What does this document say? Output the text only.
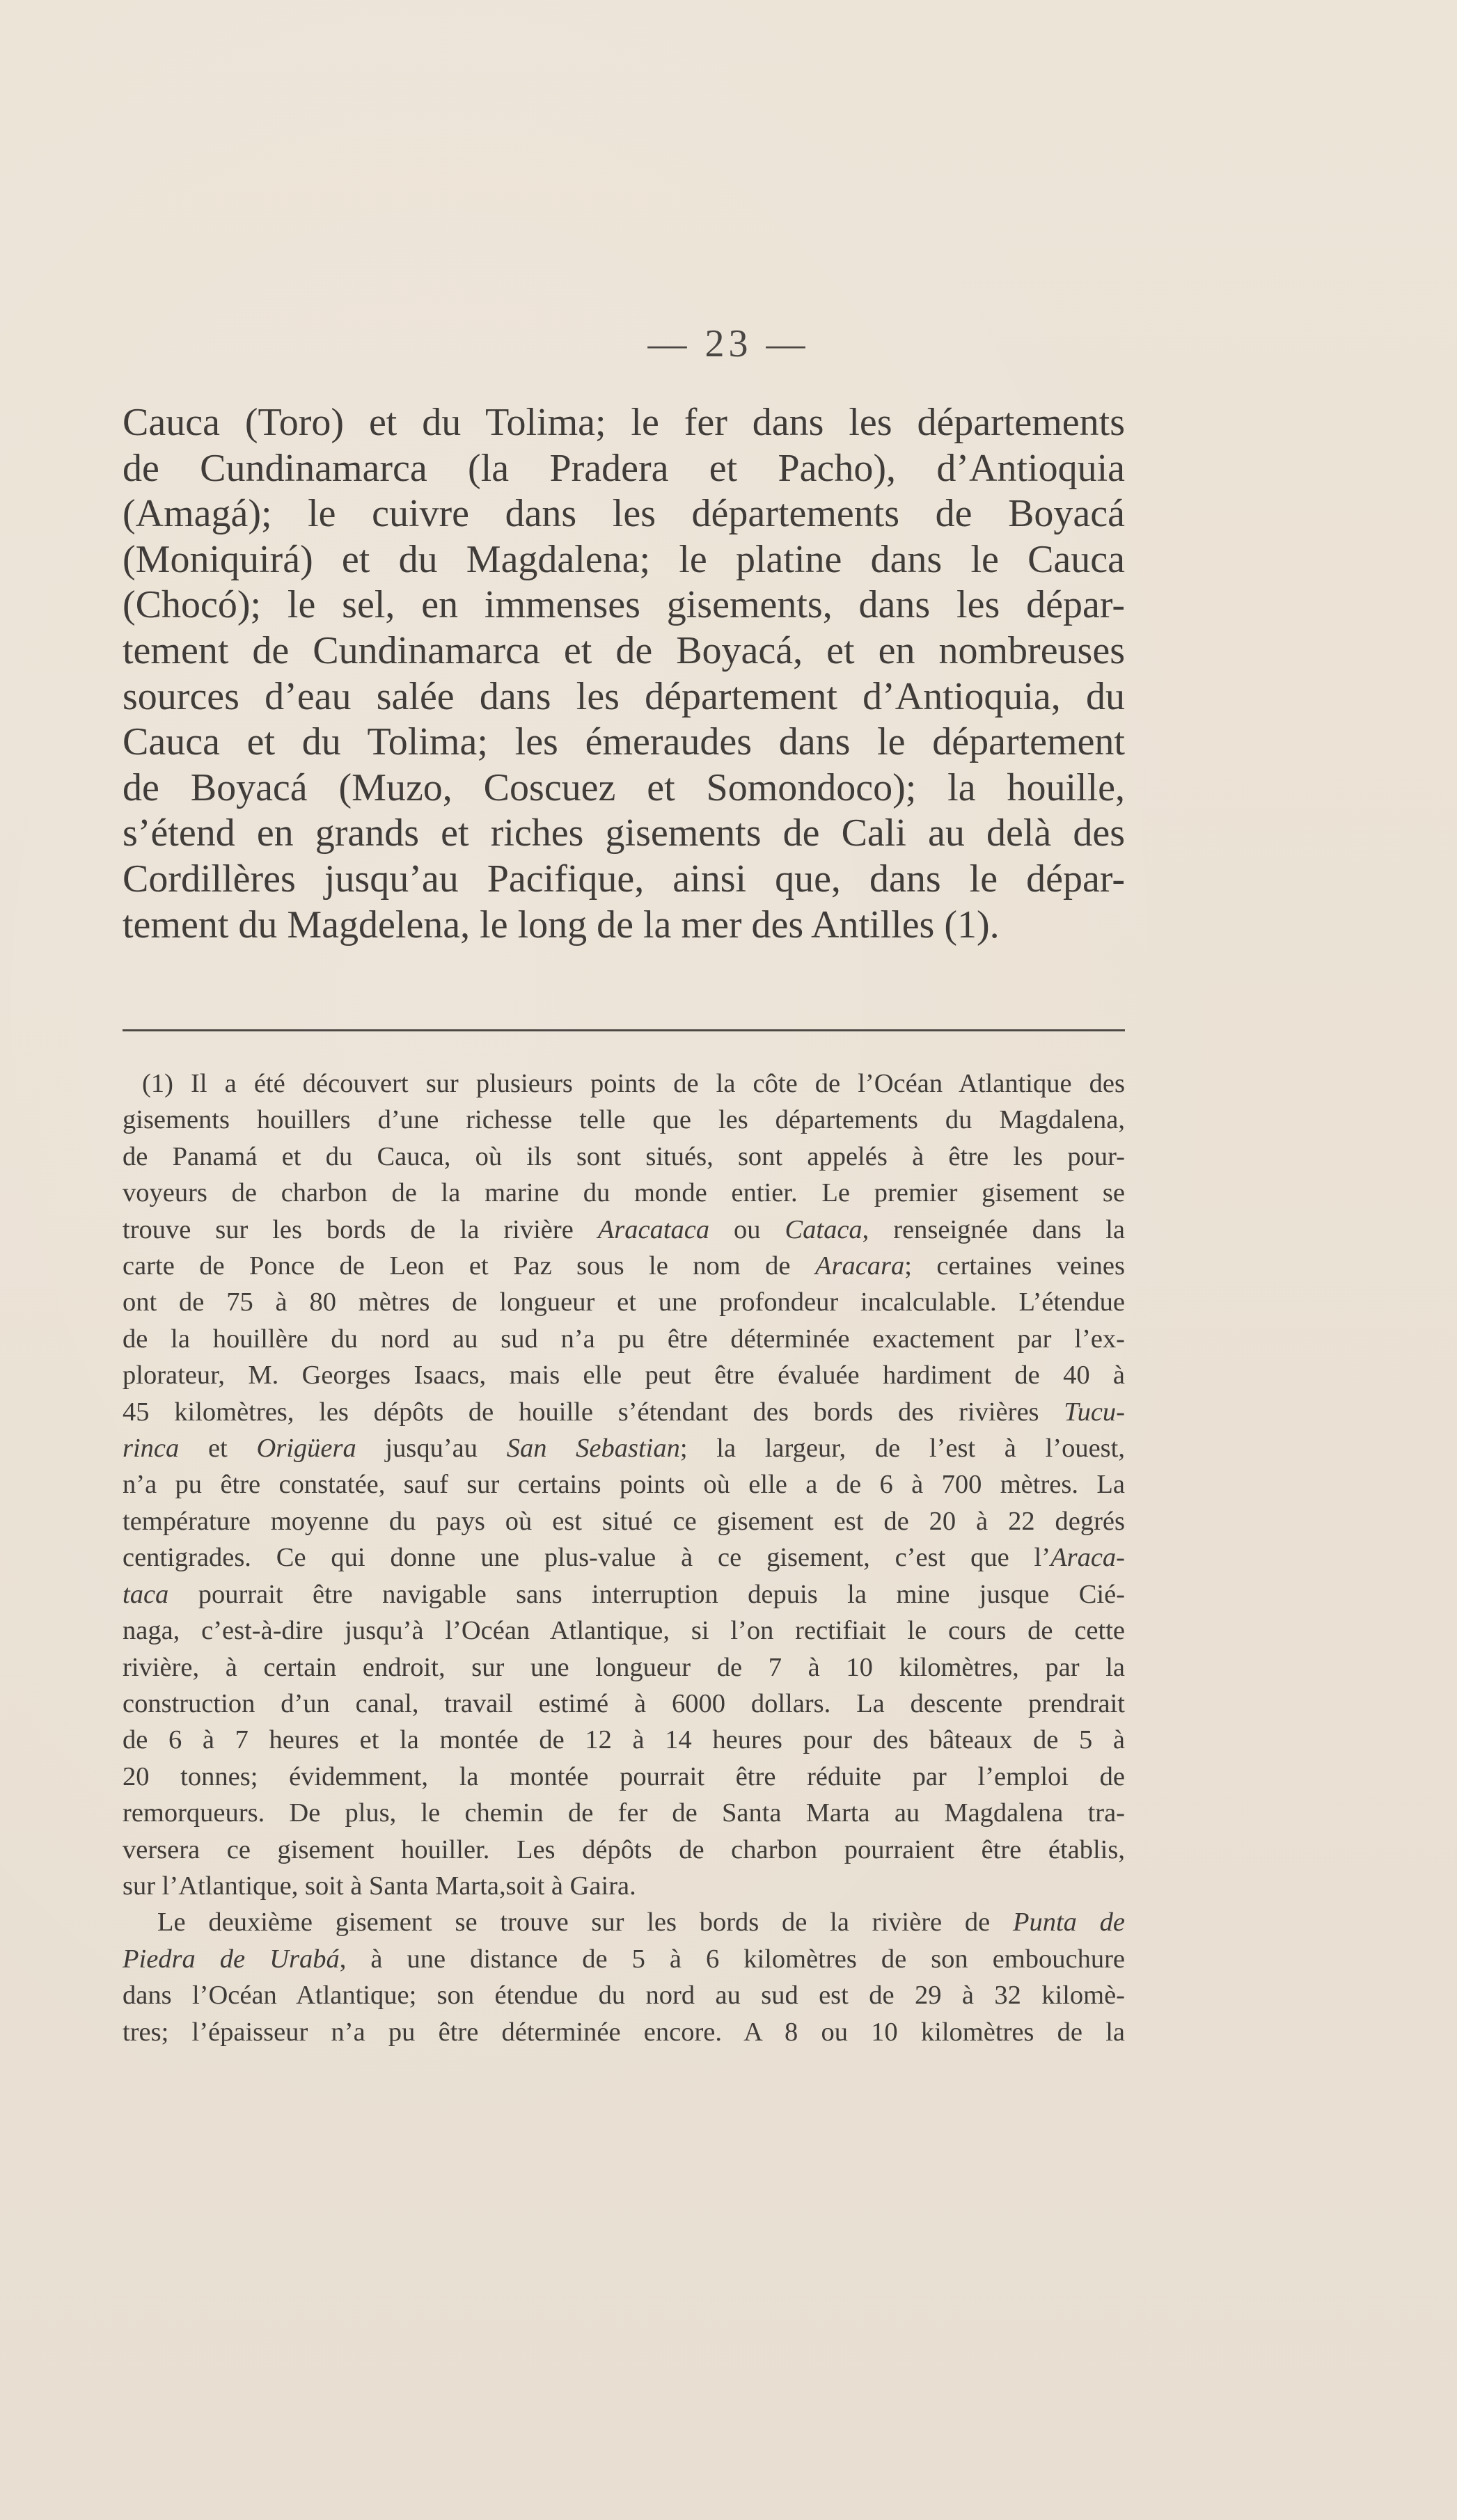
— 23 —
Cauca (Toro) et du Tolima; le fer dans les départements
de Cundinamarca (la Pradera et Pacho), d’Antioquia
(Amagá); le cuivre dans les départements de Boyacá
(Moniquirá) et du Magdalena; le platine dans le Cauca
(Chocó); le sel, en immenses gisements, dans les dépar-
tement de Cundinamarca et de Boyacá, et en nombreuses
sources d’eau salée dans les département d’Antioquia, du
Cauca et du Tolima; les émeraudes dans le département
de Boyacá (Muzo, Coscuez et Somondoco); la houille,
s’étend en grands et riches gisements de Cali au delà des
Cordillères jusqu’au Pacifique, ainsi que, dans le dépar-
tement du Magdelena, le long de la mer des Antilles (1).
(1) Il a été découvert sur plusieurs points de la côte de l’Océan Atlantique des
gisements houillers d’une richesse telle que les départements du Magdalena,
de Panamá et du Cauca, où ils sont situés, sont appelés à être les pour-
voyeurs de charbon de la marine du monde entier. Le premier gisement se
trouve sur les bords de la rivière Aracataca ou Cataca, renseignée dans la
carte de Ponce de Leon et Paz sous le nom de Aracara; certaines veines
ont de 75 à 80 mètres de longueur et une profondeur incalculable. L’étendue
de la houillère du nord au sud n’a pu être déterminée exactement par l’ex-
plorateur, M. Georges Isaacs, mais elle peut être évaluée hardiment de 40 à
45 kilomètres, les dépôts de houille s’étendant des bords des rivières Tucu-
rinca et Origüera jusqu’au San Sebastian; la largeur, de l’est à l’ouest,
n’a pu être constatée, sauf sur certains points où elle a de 6 à 700 mètres. La
température moyenne du pays où est situé ce gisement est de 20 à 22 degrés
centigrades. Ce qui donne une plus-value à ce gisement, c’est que l’Araca-
taca pourrait être navigable sans interruption depuis la mine jusque Cié-
naga, c’est-à-dire jusqu’à l’Océan Atlantique, si l’on rectifiait le cours de cette
rivière, à certain endroit, sur une longueur de 7 à 10 kilomètres, par la
construction d’un canal, travail estimé à 6000 dollars. La descente prendrait
de 6 à 7 heures et la montée de 12 à 14 heures pour des bâteaux de 5 à
20 tonnes; évidemment, la montée pourrait être réduite par l’emploi de
remorqueurs. De plus, le chemin de fer de Santa Marta au Magdalena tra-
versera ce gisement houiller. Les dépôts de charbon pourraient être établis,
sur l’Atlantique, soit à Santa Marta,soit à Gaira.
Le deuxième gisement se trouve sur les bords de la rivière de Punta de
Piedra de Urabá, à une distance de 5 à 6 kilomètres de son embouchure
dans l’Océan Atlantique; son étendue du nord au sud est de 29 à 32 kilomè-
tres; l’épaisseur n’a pu être déterminée encore. A 8 ou 10 kilomètres de la
